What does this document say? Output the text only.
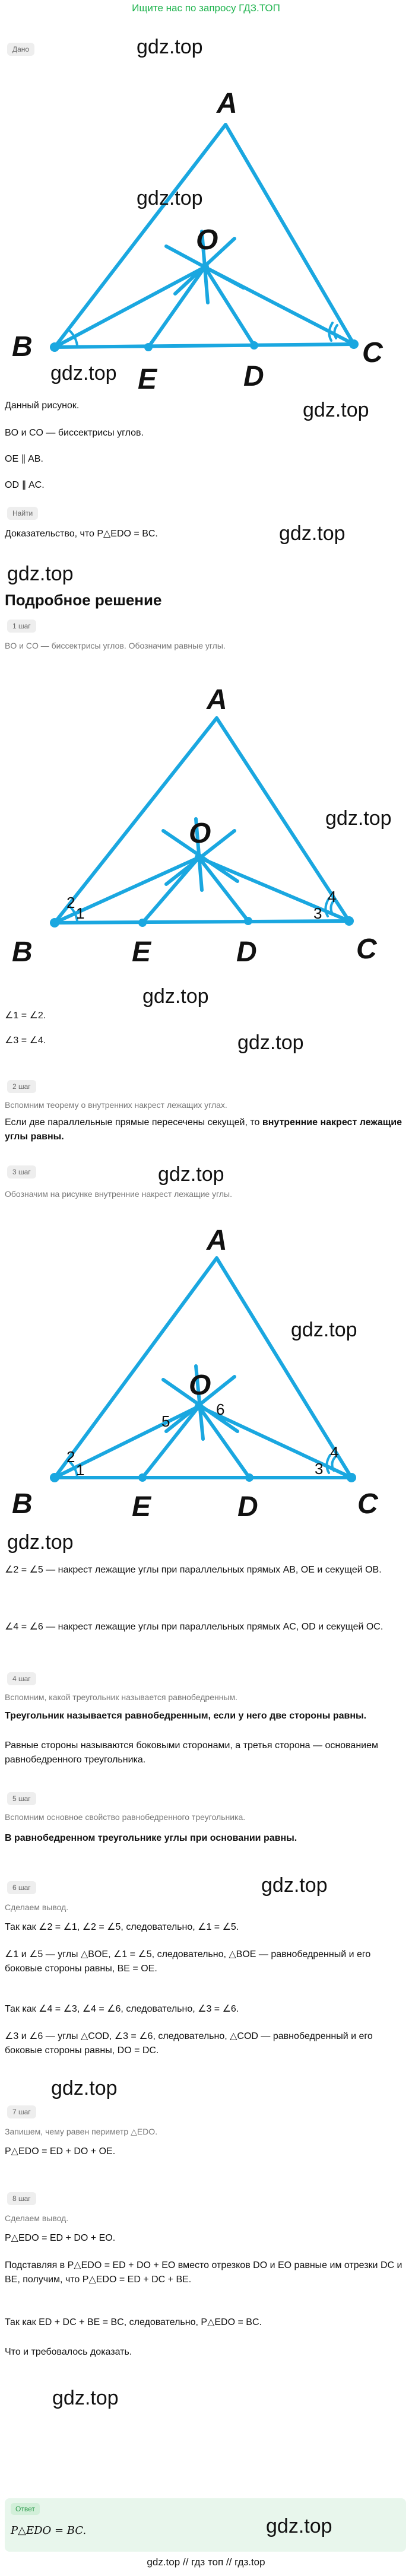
Ищите нас по запросу ГДЗ.ТОП
Дано	gdz.top
A
O
B	C
E	D
gdz.top
gdz.top
gdz.top
Данный рисунок.
BO и CO — биссектрисы углов.
OE ∥ AB.
OD ∥ AC.
Найти
Доказательство, что P△EDO = BC.	gdz.top
gdz.top
Подробное решение
1 шаг
BO и CO — биссектрисы углов. Обозначим равные углы.
A
O
B	C
E	D
2
1	3
4
gdz.top
gdz.top
∠1 = ∠2.
gdz.top
∠3 = ∠4.
2 шаг
Вспомним теорему о внутренних накрест лежащих углах.
Если две параллельные прямые пересечены секущей, то внутренние накрест лежащие углы равны.
3 шаг	gdz.top
Обозначим на рисунке внутренние накрест лежащие углы.
A
O
B	C
E	D
2
1	3
4
5
6
gdz.top
gdz.top
∠2 = ∠5 — накрест лежащие углы при параллельных прямых AB, OE и секущей OB.
∠4 = ∠6 — накрест лежащие углы при параллельных прямых AC, OD и секущей OC.
4 шаг
Вспомним, какой треугольник называется равнобедренным.
Треугольник называется равнобедренным, если у него две стороны равны.
Равные стороны называются боковыми сторонами, а третья сторона — основанием равнобедренного треугольника.
5 шаг
Вспомним основное свойство равнобедренного треугольника.
В равнобедренном треугольнике углы при основании равны.
6 шаг	gdz.top
Сделаем вывод.
Так как ∠2 = ∠1, ∠2 = ∠5, следовательно, ∠1 = ∠5.
∠1 и ∠5 — углы △BOE, ∠1 = ∠5, следовательно, △BOE — равнобедренный и его боковые стороны равны, BE = OE.
Так как ∠4 = ∠3, ∠4 = ∠6, следовательно, ∠3 = ∠6.
∠3 и ∠6 — углы △COD, ∠3 = ∠6, следовательно, △COD — равнобедренный и его боковые стороны равны, DO = DC.
7 шаг
gdz.top
Запишем, чему равен периметр △EDO.
P△EDO = ED + DO + OE.
8 шаг
Сделаем вывод.
P△EDO = ED + DO + EO.
Подставляя в P△EDO = ED + DO + EO вместо отрезков DO и EO равные им отрезки DC и BE, получим, что P△EDO = ED + DC + BE.
Так как ED + DC + BE = BC, следовательно, P△EDO = BC.
Что и требовалось доказать.
gdz.top
Ответ
P△EDO = BC.	gdz.top
gdz.top // гдз топ // гдз.top
